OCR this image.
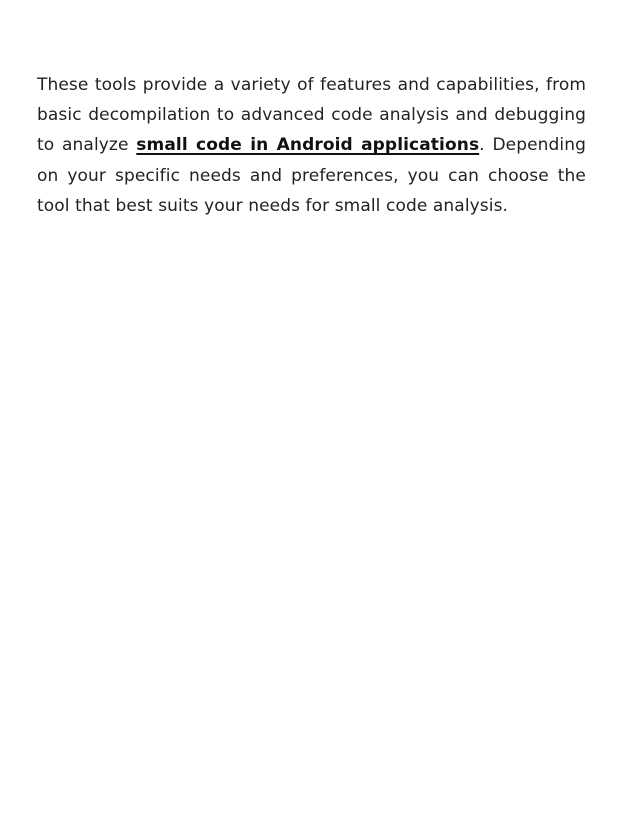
These tools provide a variety of features and capabilities, from basic decompilation to advanced code analysis and debugging to analyze small code in Android applications. Depending on your specific needs and preferences, you can choose the tool that best suits your needs for small code analysis.
